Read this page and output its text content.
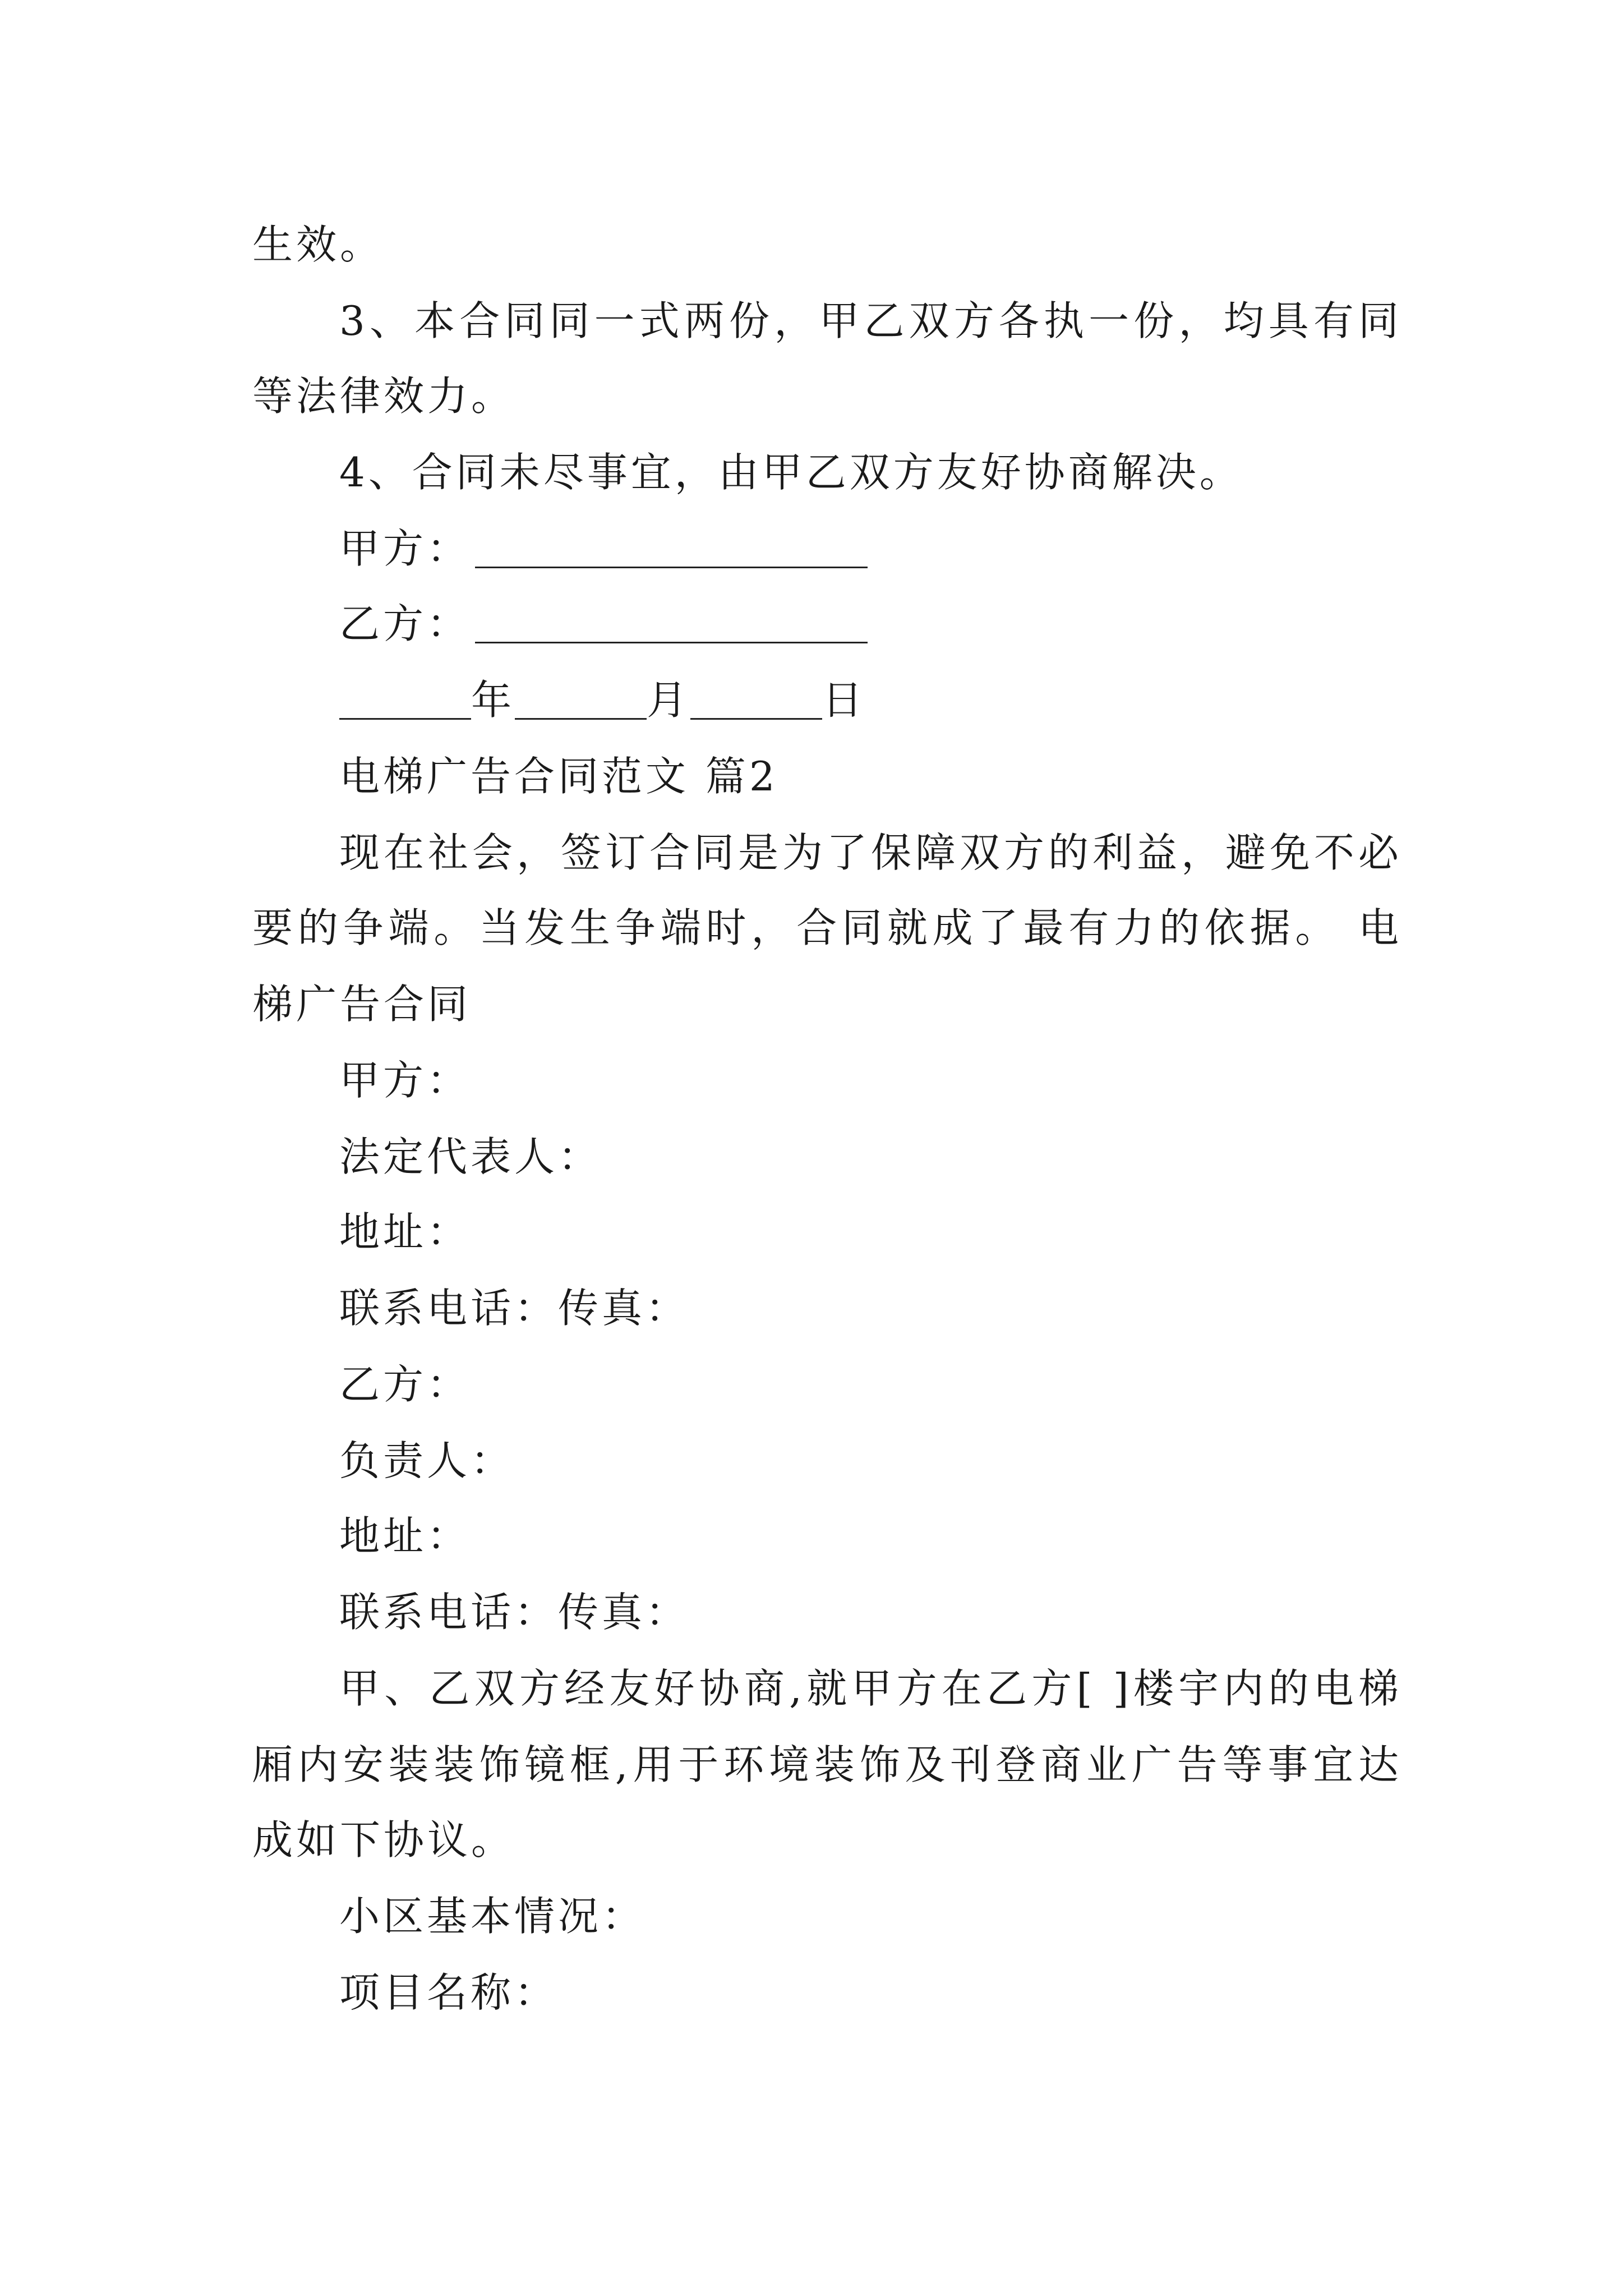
生效。
3、本合同同一式两份，甲乙双方各执一份，均具有同
等法律效力。
4、合同未尽事宜，由甲乙双方友好协商解决。
甲方：
乙方：
年	月	日
电梯广告合同范文 篇2
现在社会，签订合同是为了保障双方的利益，避免不必
要的争端。当发生争端时，合同就成了最有力的依据。 电
梯广告合同
甲方：
法定代表人：
地址：
联系电话：传真：
乙方：
负责人：
地址：
联系电话：传真：
甲、乙双方经友好协商,就甲方在乙方[ ]楼宇内的电梯
厢内安装装饰镜框,用于环境装饰及刊登商业广告等事宜达
成如下协议。
小区基本情况：
项目名称：
